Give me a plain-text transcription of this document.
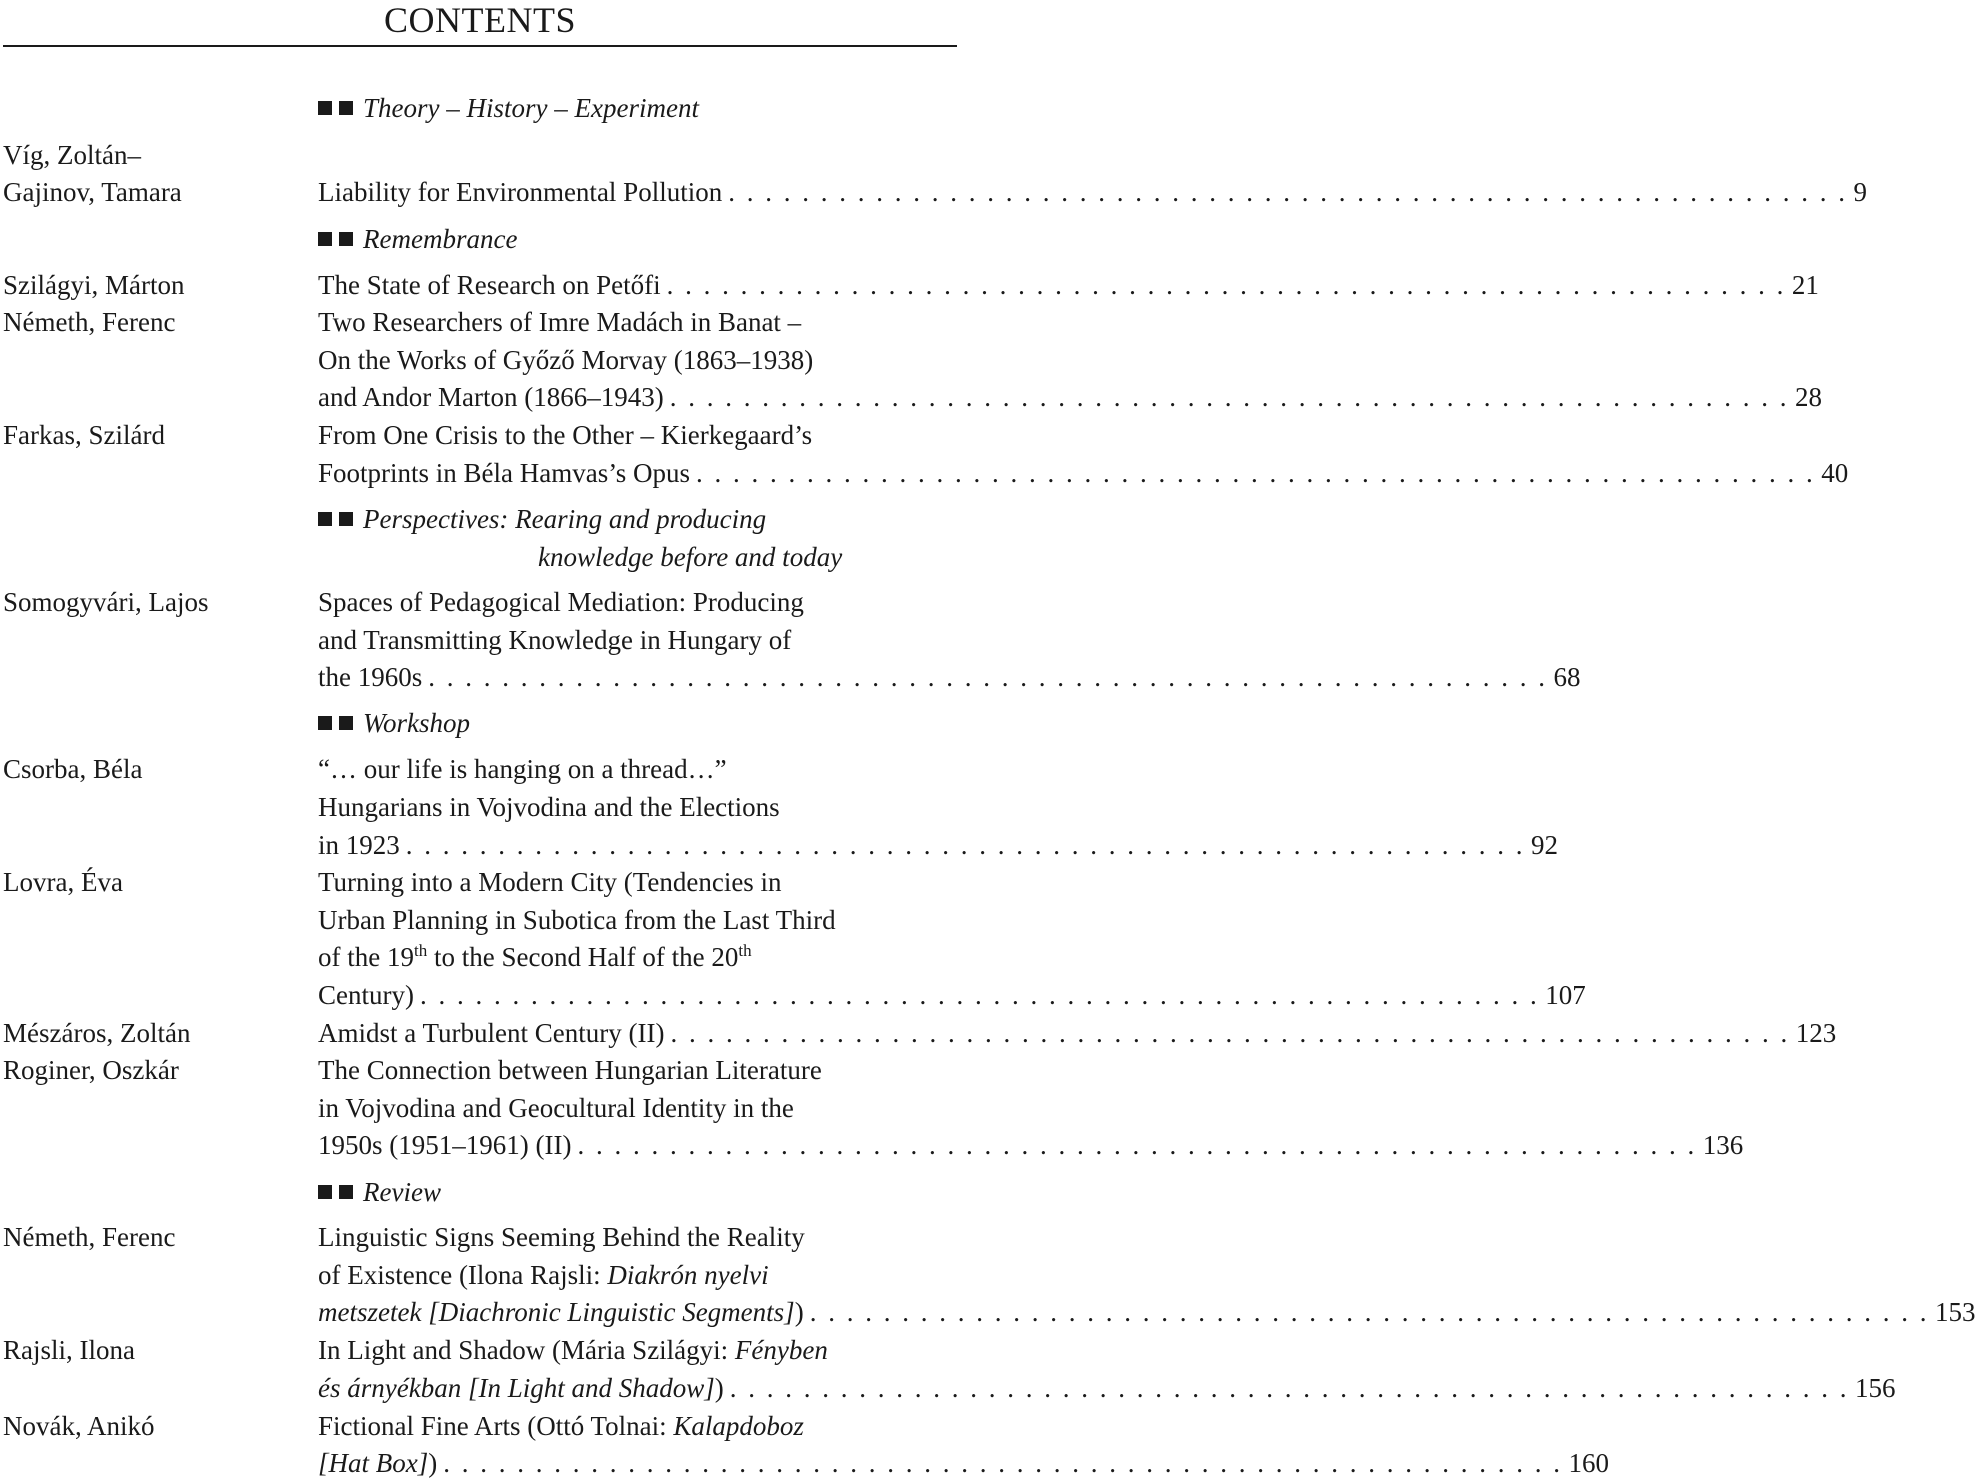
CONTENTS
Theory – History – Experiment
Víg, Zoltán–
Gajinov, Tamara	Liability for Environmental Pollution . . . . . . . . . . . . . . . . . . . . . . . . . . . . . . . . . . . . . . . . . . . . . . . . . . . . . . . . . . . . . 9
Remembrance
Szilágyi, Márton	The State of Research on Petőfi . . . . . . . . . . . . . . . . . . . . . . . . . . . . . . . . . . . . . . . . . . . . . . . . . . . . . . . . . . . . . 21
Németh, Ferenc	Two Researchers of Imre Madách in Banat –
On the Works of Győző Morvay (1863–1938)
and Andor Marton (1866–1943) . . . . . . . . . . . . . . . . . . . . . . . . . . . . . . . . . . . . . . . . . . . . . . . . . . . . . . . . . . . . . 28
Farkas, Szilárd	From One Crisis to the Other – Kierkegaard’s
Footprints in Béla Hamvas’s Opus . . . . . . . . . . . . . . . . . . . . . . . . . . . . . . . . . . . . . . . . . . . . . . . . . . . . . . . . . . . . . 40
Perspectives: Rearing and producing
knowledge before and today
Somogyvári, Lajos	Spaces of Pedagogical Mediation: Producing
and Transmitting Knowledge in Hungary of
the 1960s . . . . . . . . . . . . . . . . . . . . . . . . . . . . . . . . . . . . . . . . . . . . . . . . . . . . . . . . . . . . . 68
Workshop
Csorba, Béla	“… our life is hanging on a thread…”
Hungarians in Vojvodina and the Elections
in 1923 . . . . . . . . . . . . . . . . . . . . . . . . . . . . . . . . . . . . . . . . . . . . . . . . . . . . . . . . . . . . . 92
Lovra, Éva	Turning into a Modern City (Tendencies in
Urban Planning in Subotica from the Last Third
of the 19th to the Second Half of the 20th
Century) . . . . . . . . . . . . . . . . . . . . . . . . . . . . . . . . . . . . . . . . . . . . . . . . . . . . . . . . . . . . . 107
Mészáros, Zoltán	Amidst a Turbulent Century (II) . . . . . . . . . . . . . . . . . . . . . . . . . . . . . . . . . . . . . . . . . . . . . . . . . . . . . . . . . . . . . 123
Roginer, Oszkár	The Connection between Hungarian Literature
in Vojvodina and Geocultural Identity in the
1950s (1951–1961) (II) . . . . . . . . . . . . . . . . . . . . . . . . . . . . . . . . . . . . . . . . . . . . . . . . . . . . . . . . . . . . . 136
Review
Németh, Ferenc	Linguistic Signs Seeming Behind the Reality
of Existence (Ilona Rajsli: Diakrón nyelvi
metszetek [Diachronic Linguistic Segments]) . . . . . . . . . . . . . . . . . . . . . . . . . . . . . . . . . . . . . . . . . . . . . . . . . . . . . . . . . . . . . 153
Rajsli, Ilona	In Light and Shadow (Mária Szilágyi: Fényben
és árnyékban [In Light and Shadow]) . . . . . . . . . . . . . . . . . . . . . . . . . . . . . . . . . . . . . . . . . . . . . . . . . . . . . . . . . . . . . 156
Novák, Anikó	Fictional Fine Arts (Ottó Tolnai: Kalapdoboz
[Hat Box]) . . . . . . . . . . . . . . . . . . . . . . . . . . . . . . . . . . . . . . . . . . . . . . . . . . . . . . . . . . . . . 160
